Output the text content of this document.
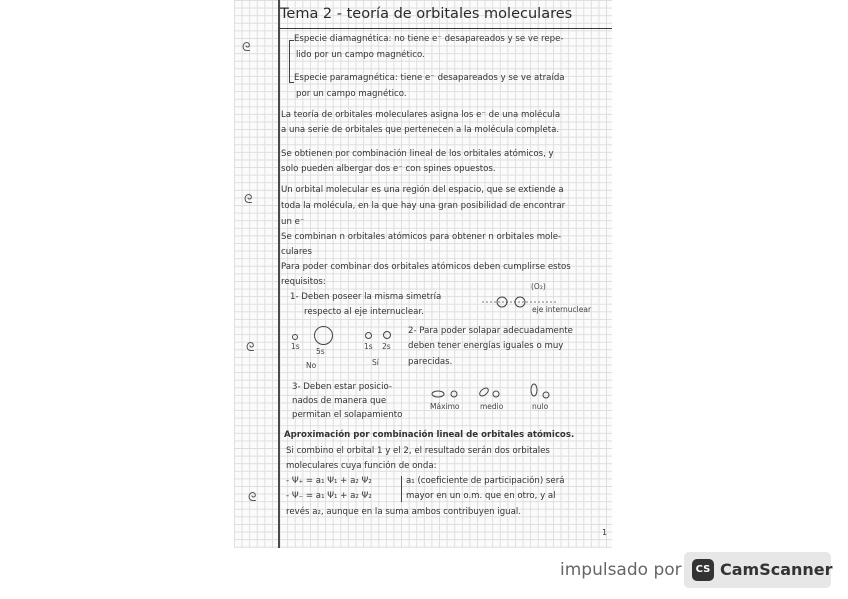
Tema 2 - teoría de orbitales moleculares
ᘓ
ᘓ
ᘓ
ᘓ
Especie diamagnética: no tiene e⁻ desapareados y se ve repe-
lido por un campo magnético.
Especie paramagnética: tiene e⁻ desapareados y se ve atraída
por un campo magnético.
La teoría de orbitales moleculares asigna los e⁻ de una molécula
a una serie de orbitales que pertenecen a la molécula completa.
Se obtienen por combinación lineal de los orbitales atómicos, y
solo pueden albergar dos e⁻ con spines opuestos.
Un orbital molecular es una región del espacio, que se extiende a
toda la molécula, en la que hay una gran posibilidad de encontrar
un e⁻
Se combinan n orbitales atómicos para obtener n orbitales mole-
culares
Para poder combinar dos orbitales atómicos deben cumplirse estos
requisitos:
1- Deben poseer la misma simetría
respecto al eje internuclear.
(O₂)
eje internuclear
1s
5s
No
1s 2s
Sí
2- Para poder solapar adecuadamente
deben tener energías iguales o muy
parecidas.
3- Deben estar posicio-
nados de manera que
permitan el solapamiento
Máximo	medio	nulo
Aproximación por combinación lineal de orbitales atómicos.
Si combino el orbital 1 y el 2, el resultado serán dos orbitales
moleculares cuya función de onda:
- Ψ₊ = a₁ Ψ₁ + a₂ Ψ₂
- Ψ₋ = a₁ Ψ₁ + a₂ Ψ₂
a₁ (coeficiente de participación) será
mayor en un o.m. que en otro, y al
revés a₂, aunque en la suma ambos contribuyen igual.
1
impulsado por	CS CamScanner
